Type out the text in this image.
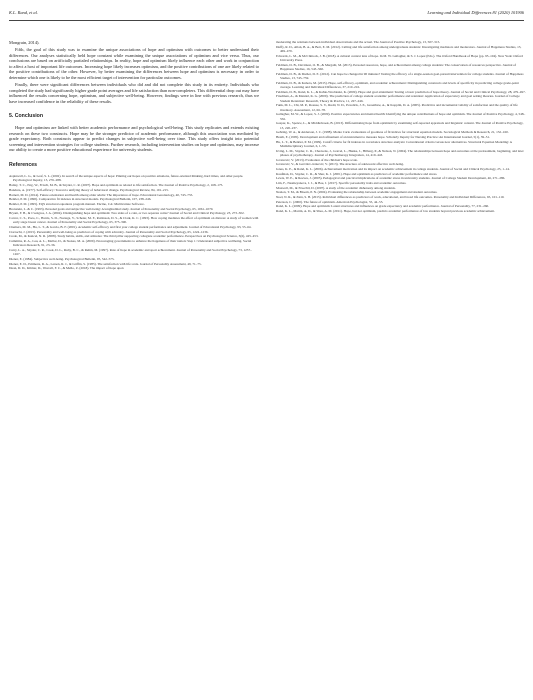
K.L. Rand, et al.	Learning and Individual Differences 81 (2020) 101906

Mongrain, 2014).

Fifth, the goal of this study was to examine the unique associations of hope and optimism with outcomes to better understand their differences. Our analyses statistically held hope constant while examining the unique associations of optimism and vice versa. Thus, our conclusions are based on artificially partialed relationships. In reality, hope and optimism likely influence each other and work in conjunction to affect a host of important life outcomes. Increasing hope likely increases optimism, and the positive contributions of one are likely related to the positive contributions of the other. However, by better examining the differences between hope and optimism is necessary in order to determine which one is likely to be the most efficient target of intervention for particular outcomes.

Finally, there were significant differences between individuals who did and did not complete this study in its entirety. Individuals who completed the study had significantly higher grade point averages and life satisfaction than non-completers. This differential drop out may have influenced the results concerning hope, optimism, and subjective well-being. However, findings were in line with previous research, thus we have increased confidence in the reliability of these results.

5. Conclusion

Hope and optimism are linked with better academic performance and psychological well-being. This study replicates and extends existing research on these two constructs. Hope may be the stronger predictor of academic performance, although this association was mediated by grade expectancy. Both constructs appear to predict changes in subjective well-being over time. This study offers insight into potential screening and intervention strategies for college students. Further research, including intervention studies on hope and optimism, may increase our ability to create a more positive educational experience for university students.

References
Aspinwall, L. G., & Leaf, S. L. (2002). In search of the unique aspects of hope: Pinning our hopes on positive emotions, future-oriented thinking, hard times, and other people. Psychological Inquiry, 13, 276–288.
Bailey, T. C., Eng, W., Frisch, M. B., & Snyder, C. R. (2007). Hope and optimism as related to life satisfaction. The Journal of Positive Psychology, 2, 168–175.
Bandura, A. (1977). Self-efficacy: Toward a unifying theory of behavioral change. Psychological Review, 84, 191–215.
Barnett, M. D. (2014). Future orientation and health among older adults: The importance of hope. Educational Gerontology, 40, 745–755.
Bentler, P. M. (1990). Comparative fit indexes in structural models. Psychological Bulletin, 107, 238–246.
Bentler, P. M. (1995). EQS structural equations program manual. Encino, CA: Multivariate Software.
Bronstein, L. & C. (1993). Personal goals and subjective well-being: A longitudinal study. Journal of Personality and Social Psychology, 65, 1061–1070.
Bryant, F. B., & Cvengros, J. A. (2004). Distinguishing hope and optimism: Two sides of a coin, or two separate coins? Journal of Social and Clinical Psychology, 23, 273–302.
Carver, C. S., Pozo, C., Harris, S. D., Noriega, V., Scheier, M. F., Robinson, D. S., & Clark, K. C. (1993). How coping mediates the effect of optimism on distress: A study of women with early stage breast cancer. Journal of Personality and Social Psychology, 65, 375–390.
Chemers, M. M., Hu, L. T., & Garcia, B. F. (2001). Academic self-efficacy and first year college student performance and adjustment. Journal of Educational Psychology, 93, 55–64.
Ciarrochi, J. (2015). Personality and well-being as predictors of coping with adversity. Journal of Personality and Social Psychology, 65, 1224–1236.
Crede, M., & Kuncel, N. R. (2008). Study habits, skills, and attitudes: The third pillar supporting collegiate academic performance. Perspectives on Psychological Science, 3(6), 425–453.
Cummins, R. A., Lau, A. L., Mellor, D., & Stokes, M. A. (2009). Encouraging governments to enhance the happiness of their nation: Step 1: Understand subjective wellbeing. Social Indicators Research, 91, 23–36.
Curry, L. A., Snyder, C. R., Cook, D. L., Ruby, B. C., & Rehm, M. (1997). Role of hope in academic and sport achievement. Journal of Personality and Social Psychology, 73, 1257–1267.
Diener, E. (1984). Subjective well-being. Psychological Bulletin, 95, 542–575.
Diener, E. D., Emmons, R. A., Larsen, R. J., & Griffin, S. (1985). The satisfaction with life scale. Journal of Personality Assessment, 49, 71–75.
Duan, D. D., Kilmer, D., Worrell, F. C., & Mello, Z. (2018). The impact of hope upon
moderating the relations between individual observations and the actual. The Journal of Positive Psychology, 13, 507–515.
Duffy, R. D., Allan, B. A., & Bott, E. M. (2012). Calling and life satisfaction among undergraduate students: Investigating mediators and moderators. Journal of Happiness Studies, 13, 469–479.
Edwards, L. M., & McClintock, J. B. (2018). A cultural context lens of hope. In M. W. Gallagher, & S. J. Lopez (Eds.). The Oxford Handbook of Hope (pp. 95–104). New York: Oxford University Press.
Feldman, D. B., Davidson, O. B., & Margalit, M. (2015). Personal resources, hope, and achievement among college students: The conservation of resources perspective. Journal of Happiness Studies, 16, 543–560.
Feldman, D. B., & Dreher, D. E. (2012). Can hope be changed in 90 minutes? Testing the efficacy of a single-session goal-pursuit intervention for college students. Journal of Happiness Studies, 13, 745–759.
Feldman, D. B., & Kubota, M. (2015). Hope, self-efficacy, optimism, and academic achievement: Distinguishing constructs and levels of specificity in predicting college grade-point average. Learning and Individual Differences, 37, 210–216.
Feldman, D. B., Rand, K. L., & Kahle-Wrobleski, K. (2009). Hope and goal attainment: Testing a basic prediction of hope theory. Journal of Social and Clinical Psychology, 28, 479–497.
Friedman, A., & Mandel, K. G. (2009). The prediction of college student academic performance and retention: Application of expectancy and goal setting theories. Journal of College Student Retention: Research, Theory & Practice, 11, 227–246.
Funk, M. L., Chi, M. P., Rousse, S. V., Rudd, N. D., Powdick, J. E., Greenhaw, A., & Kopplin, D. A. (2005). Predictive and incremental validity of satisfaction and the quality of life inventory. Assessment, 12, 66–78.
Gallagher, M. W., & Lopez, S. J. (2009). Positive expectancies and mental health: Identifying the unique contributions of hope and optimism. The Journal of Positive Psychology, 4, 548–556.
Gaspar, K., Spence, L., & Middlebrook, B. (2013). Differentiating hope from optimism by examining self-reported appraisals and linguistic content. The Journal of Positive Psychology, 13, 220–237.
Gehring, W. A., & Anderson, J. C. (1988). Monte Carlo evaluations of goodness of fit indices for structural equation models. Sociological Methods & Research, 21, 132–160.
Heath, E. (1995). Development and refinement of an instrument to measure hope. Scholarly Inquiry for Nursing Practice: An International Journal, 5(1), 39–51.
Hu, L. T., & Bentler, P. M. (1999). Cutoff criteria for fit indexes in covariance structure analysis: Conventional criteria versus new alternatives. Structural Equation Modeling: A Multidisciplinary Journal, 6, 1–55.
Irving, L. M., Snyder, C. R., Cheavens, J., Gravel, L., Hanke, J., Hilberg, P., & Nelson, N. (2004). The relationships between hope and outcomes at the pretreatment, beginning, and later phases of psychotherapy. Journal of Psychotherapy Integration, 14, 419–443.
Jovanović, V. (2013). Evaluation of the children's hope scale.
Jovanović, V., & Gavrilov-Jerković, V. (2013). The structure of adolescent affective well-being.
Jones, K. E., & Rand, K. L. (2006). Achievement motivation and its impact on academic achievement in college students. Journal of Social and Clinical Psychology, 25, 1–14.
Kaufman, D., Snyder, C. R., & Sher, K. J. (2001). Hope and optimism as predictors of academic performance and stress.
Lewis, W. E., & Reeves, J. (2005). Pedagogical and practical implications of academic stress in university students. Journal of College Student Development, 46, 271–286.
Lim, F., Nesmeyanova, J. J., & Bae, J. (2017). Specific personality traits and academic outcomes.
Maxwell, M., & Fruechtl, D. (2007). A study of the academic dishonesty among students.
Nealon, T. M., & Bloom, P. N. (2004). Evaluating the relationship between academic engagement and student outcomes.
Noel, N. R., & Zinn, S. B. (2015). Individual differences as predictors of work, educational, and broad life outcomes. Personality and Individual Differences, 65, 101–110.
Peterson, C. (2000). The future of optimism. American Psychologist, 55, 44–55.
Rand, K. L. (2009). Hope and optimism: Latent structures and influences on grade expectancy and academic performance. Journal of Personality, 77, 231–260.
Rand, K. L., Martin, A. D., & Shea, A. M. (2011). Hope, but not optimism, predicts academic performance of law students beyond previous academic achievement.
